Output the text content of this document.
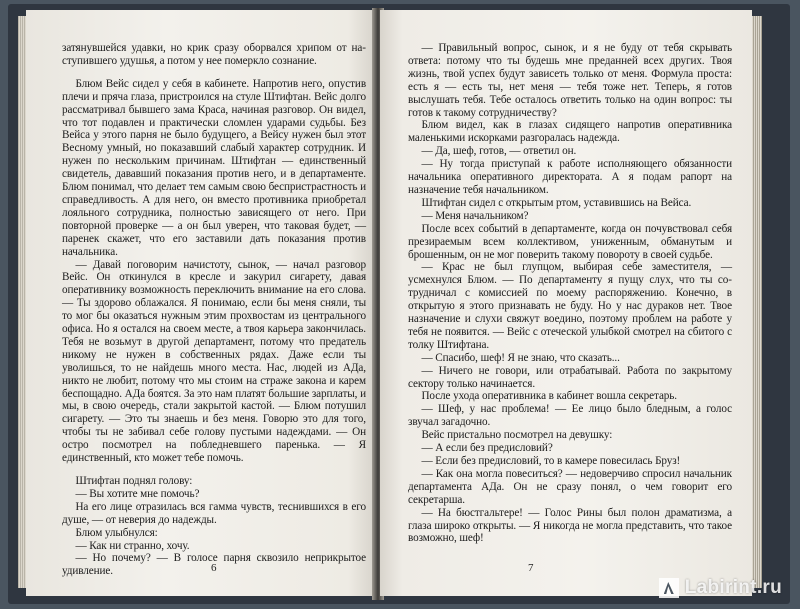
затянувшейся удавки, но крик сразу оборвался хрипом от наступившего удушья, а потом у нее померкло сознание.

Блюм Вейс сидел у себя в кабинете. Напротив него, опустив плечи и пряча глаза, пристроился на стуле Штифтан. Вейс долго рассматривал бывшего зама Краса, начиная разговор. Он видел, что тот подавлен и практически сломлен ударами судьбы. Без Вейса у этого парня не было будущего, а Вейсу нужен был этот Весному умный, но показавший слабый характер сотрудник. И нужен по нескольким причинам. Штифтан — единственный свидетель, дававший показания против него, и в департаменте. Блюм понимал, что делает тем самым свою беспристрастность и справедливость. А для него, он вместо противника приобретал лояльного сотрудника, полностью зависящего от него. При повторной проверке — а он был уверен, что таковая будет, — паренек скажет, что его заставили дать показания против начальника.

— Давай поговорим начистоту, сынок, — начал разговор Вейс. Он откинулся в кресле и закурил сигарету, давая оперативнику возможность переключить внимание на его слова. — Ты здорово облажался. Я понимаю, если бы меня сняли, ты то мог бы оказаться нужным этим прохвостам из центрального офиса. Но я остался на своем месте, а твоя карьера закончилась. Тебя не возьмут в другой департамент, потому что предатель никому не нужен в собственных рядах. Даже если ты уволишься, то не найдешь много места. Нас, людей из АДа, никто не любит, потому что мы стоим на страже закона и карем беспощадно. АДа боятся. За это нам платят большие зарплаты, и мы, в свою очередь, стали закрытой кастой. — Блюм потушил сигарету. — Это ты знаешь и без меня. Говорю это для того, чтобы ты не забивал себе голову пустыми надеждами. — Он остро посмотрел на побледневшего паренька. — Я единственный, кто может тебе помочь.

Штифтан поднял голову:

— Вы хотите мне помочь?

На его лице отразилась вся гамма чувств, теснившихся в его душе, — от неверия до надежды.

Блюм улыбнулся:

— Как ни странно, хочу.

— Но почему? — В голосе парня сквозило неприкрытое удивление.	6

— Правильный вопрос, сынок, и я не буду от тебя скрывать ответа: потому что ты будешь мне преданней всех других. Твоя жизнь, твой успех будут зависеть только от меня. Формула проста: есть я — есть ты, нет меня — тебя тоже нет. Теперь, я готов выслушать тебя. Тебе осталось ответить только на один вопрос: ты готов к такому сотрудничеству?

Блюм видел, как в глазах сидящего напротив оперативника маленькими искорками разгоралась надежда.

— Да, шеф, готов, — ответил он.

— Ну тогда приступай к работе исполняющего обязанности начальника оперативного директората. А я подам рапорт на назначение тебя начальником.

Штифтан сидел с открытым ртом, уставившись на Вейса.

— Меня начальником?

После всех событий в департаменте, когда он почувствовал себя презираемым всем коллективом, униженным, обманутым и брошенным, он не мог поверить такому повороту в своей судьбе.

— Крас не был глупцом, выбирая себе заместителя, — усмехнулся Блюм. — По департаменту я пущу слух, что ты сотрудничал с комиссией по моему распоряжению. Конечно, в открытую я этого признавать не буду. Но у нас дураков нет. Твое назначение и слухи свяжут воедино, поэтому проблем на работе у тебя не появится. — Вейс с отеческой улыбкой смотрел на сбитого с толку Штифтана.

— Спасибо, шеф! Я не знаю, что сказать...

— Ничего не говори, или отрабатывай. Работа по закрытому сектору только начинается.

После ухода оперативника в кабинет вошла секретарь.

— Шеф, у нас проблема! — Ее лицо было бледным, а голос звучал загадочно.

Вейс пристально посмотрел на девушку:

— А если без предисловий?

— Если без предисловий, то в камере повесилась Бруз!

— Как она могла повеситься? — недоверчиво спросил начальник департамента АДа. Он не сразу понял, о чем говорит его секретарша.

— На бюстгальтере! — Голос Рины был полон драматизма, а глаза широко открыты. — Я никогда не могла представить, что такое возможно, шеф!

7
Labirint.ru
